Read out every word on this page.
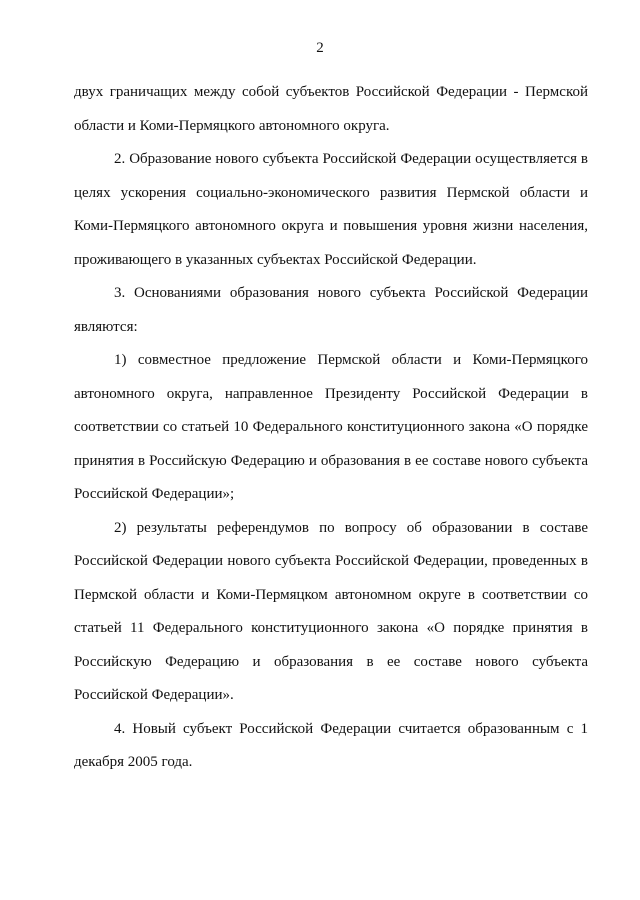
2

двух граничащих между собой субъектов Российской Федерации - Пермской области и Коми-Пермяцкого автономного округа.

2. Образование нового субъекта Российской Федерации осуществляется в целях ускорения социально-экономического развития Пермской области и Коми-Пермяцкого автономного округа и повышения уровня жизни населения, проживающего в указанных субъектах Российской Федерации.

3. Основаниями образования нового субъекта Российской Федерации являются:

1) совместное предложение Пермской области и Коми-Пермяцкого автономного округа, направленное Президенту Российской Федерации в соответствии со статьей 10 Федерального конституционного закона «О порядке принятия в Российскую Федерацию и образования в ее составе нового субъекта Российской Федерации»;

2) результаты референдумов по вопросу об образовании в составе Российской Федерации нового субъекта Российской Федерации, проведенных в Пермской области и Коми-Пермяцком автономном округе в соответствии со статьей 11 Федерального конституционного закона «О порядке принятия в Российскую Федерацию и образования в ее составе нового субъекта Российской Федерации».

4. Новый субъект Российской Федерации считается образованным с 1 декабря 2005 года.
